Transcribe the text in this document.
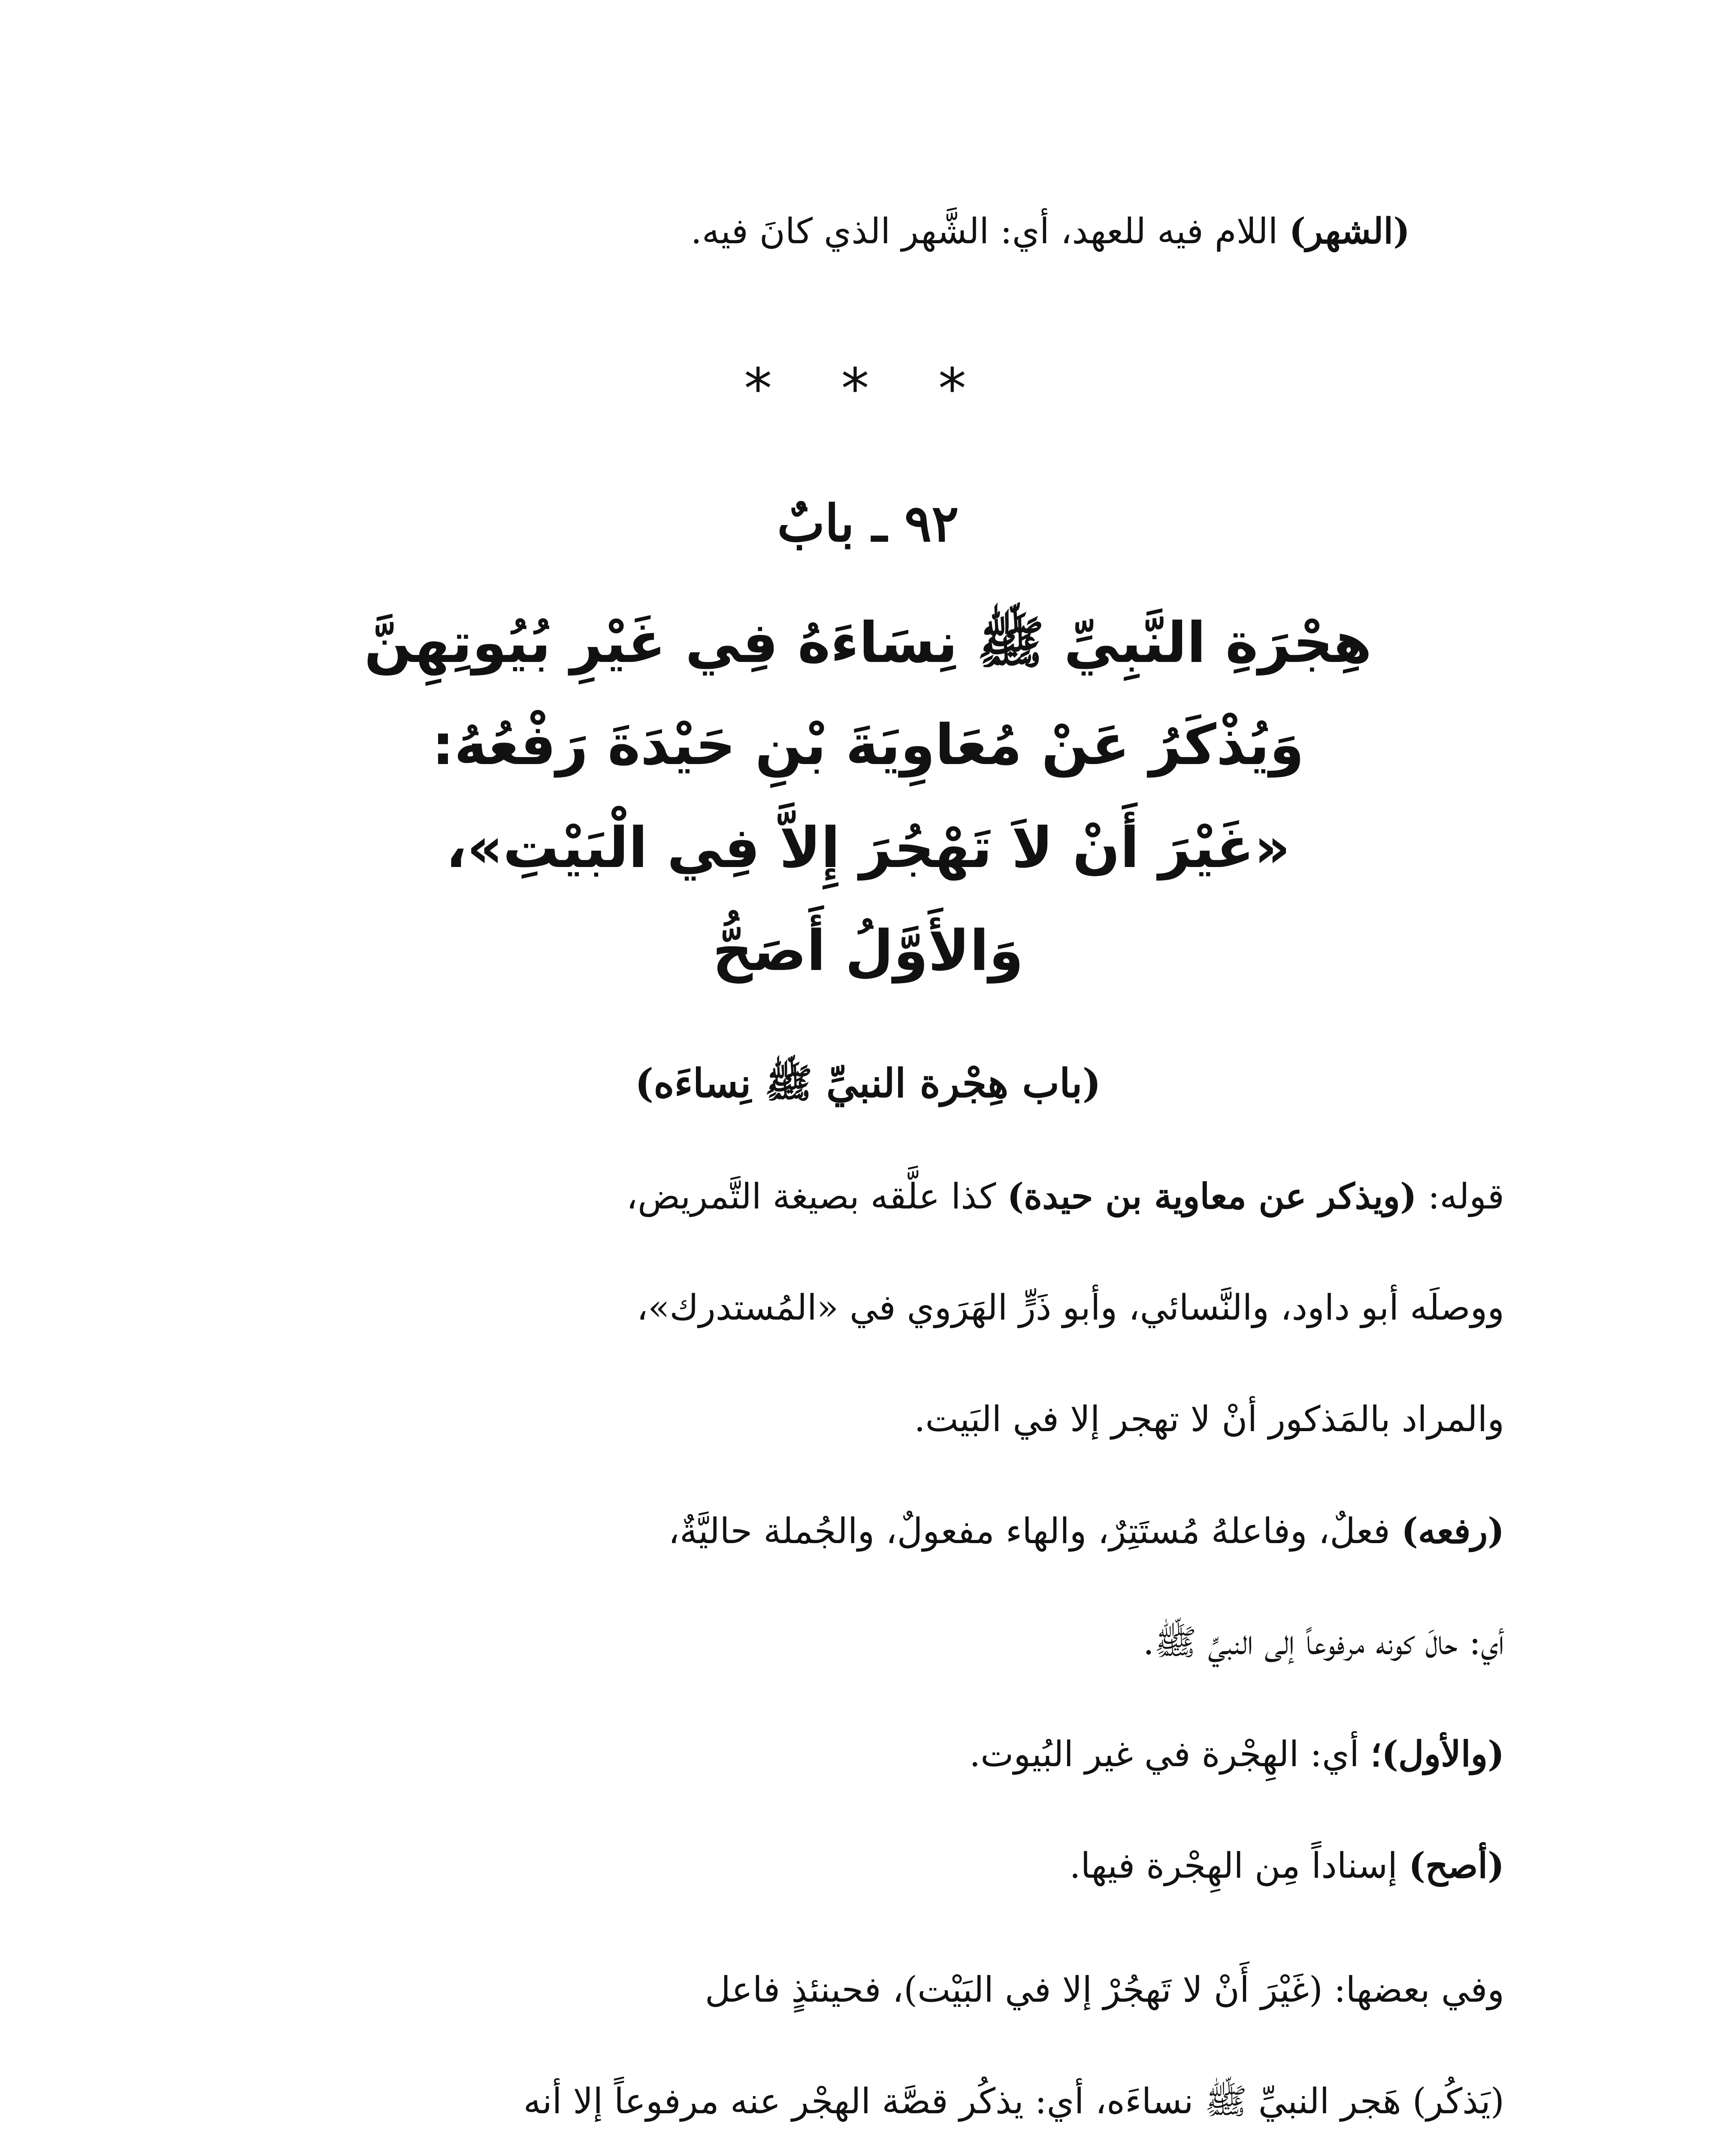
(الشهر) اللام فيه للعهد، أي: الشَّهر الذي كانَ فيه.
* * *
٩٢ ـ بابٌ
هِجْرَةِ النَّبِيِّ ﷺ نِسَاءَهُ فِي غَيْرِ بُيُوتِهِنَّ
وَيُذْكَرُ عَنْ مُعَاوِيَةَ بْنِ حَيْدَةَ رَفْعُهُ:
«غَيْرَ أَنْ لاَ تَهْجُرَ إِلاَّ فِي الْبَيْتِ»،
وَالأَوَّلُ أَصَحُّ
(باب هِجْرة النبيِّ ﷺ نِساءَه)
قوله: (ويذكر عن معاوية بن حيدة) كذا علَّقه بصيغة التَّمريض،
ووصلَه أبو داود، والنَّسائي، وأبو ذَرٍّ الهَرَوي في «المُستدرك»،
والمراد بالمَذكور أنْ لا تهجر إلا في البَيت.
(رفعه) فعلٌ، وفاعلهُ مُستَتِرٌ، والهاء مفعولٌ، والجُملة حاليَّةٌ،
أي: حالَ كونه مرفوعاً إلى النبيِّ ﷺ.
(والأول)؛ أي: الهِجْرة في غير البُيوت.
(أصح) إسناداً مِن الهِجْرة فيها.
وفي بعضها: (غَيْرَ أَنْ لا تَهجُرْ إلا في البَيْت)، فحينئذٍ فاعل
(يَذكُر) هَجر النبيِّ ﷺ نساءَه، أي: يذكُر قصَّة الهجْر عنه مرفوعاً إلا أنه
